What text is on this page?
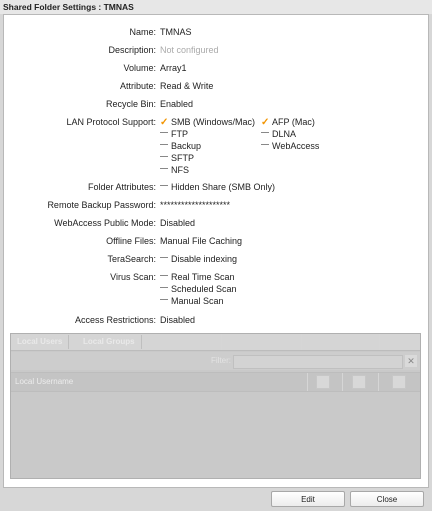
Shared Folder Settings : TMNAS
Name: TMNAS
Description: Not configured
Volume: Array1
Attribute: Read & Write
Recycle Bin: Enabled
LAN Protocol Support: ✓ SMB (Windows/Mac) ✓ AFP (Mac)
FTP	DLNA
Backup	WebAccess
SFTP
NFS
Folder Attributes:	Hidden Share (SMB Only)
Remote Backup Password: ********************
WebAccess Public Mode: Disabled
Offline Files: Manual File Caching
TeraSearch:	Disable indexing
Virus Scan:	Real Time Scan
Scheduled Scan
Manual Scan
Access Restrictions: Disabled
Local Users	Local Groups
Filter:	✕
Local Username
Edit	Close
